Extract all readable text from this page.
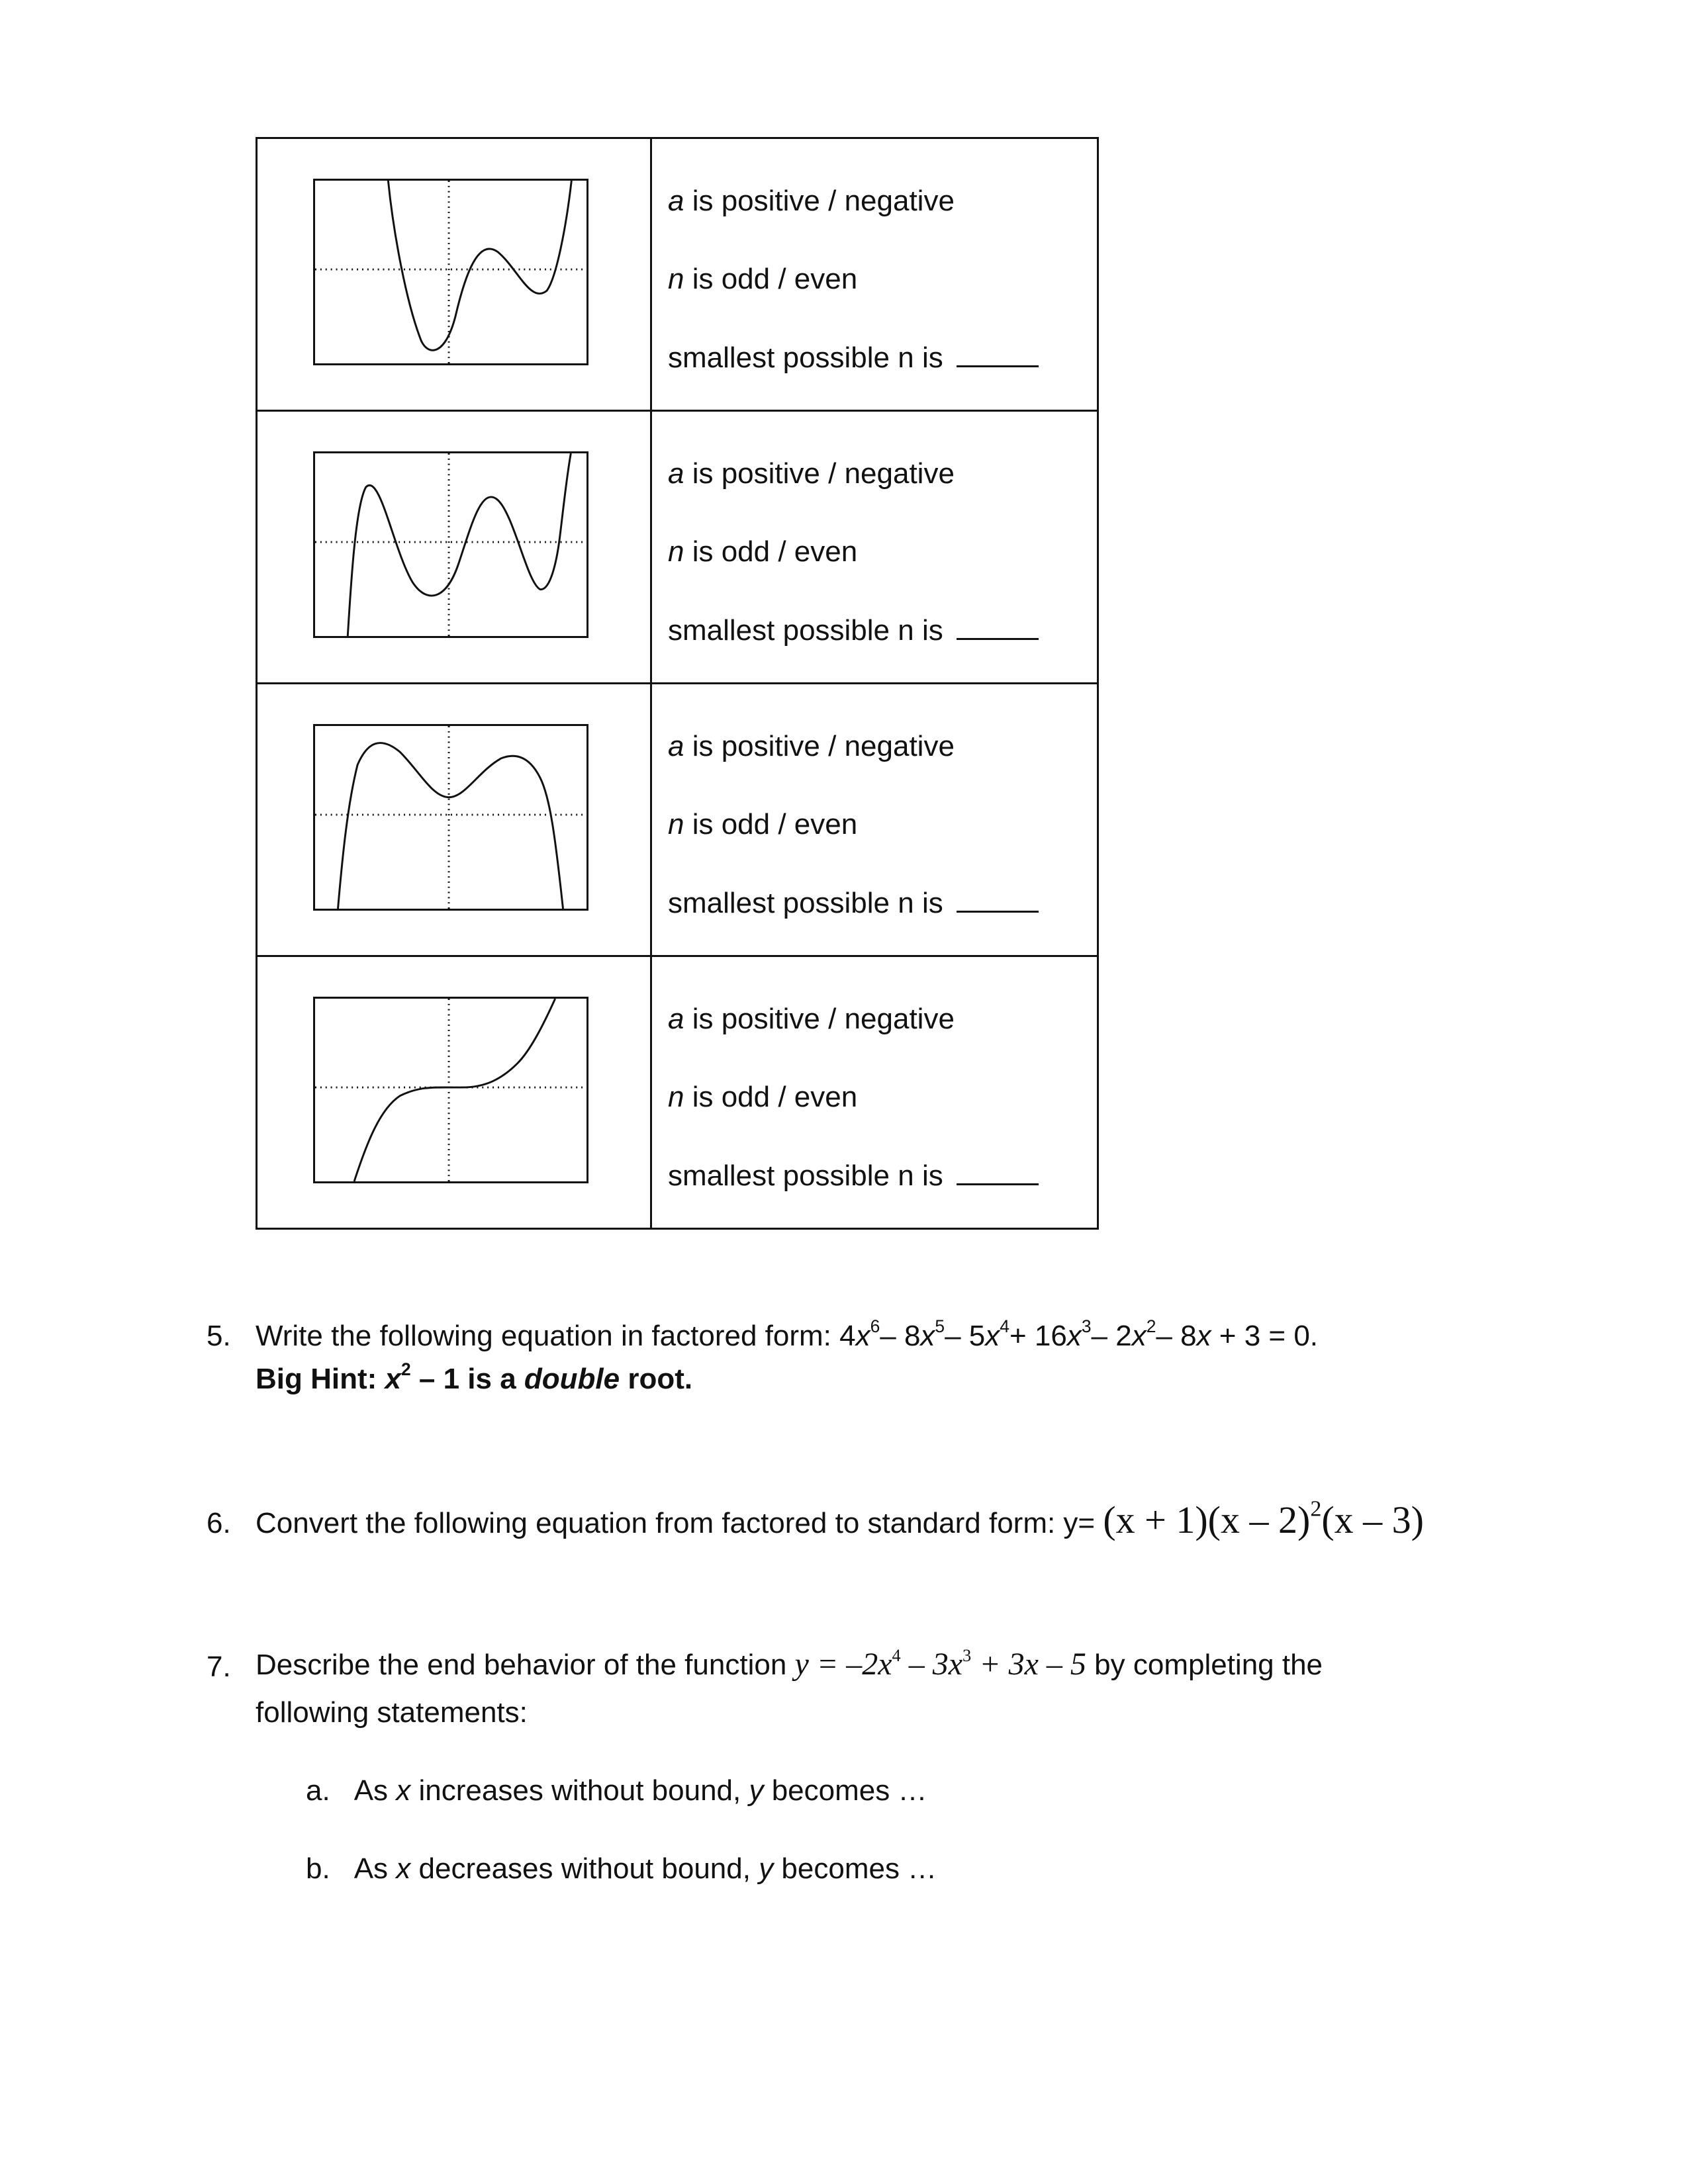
a is positive / negative
n is odd / even
smallest possible n is

a is positive / negative
n is odd / even
smallest possible n is

a is positive / negative
n is odd / even
smallest possible n is

a is positive / negative
n is odd / even
smallest possible n is
5. Write the following equation in factored form: $4x^6-$ $8x^5-$ $5x^4+ 16x^3-$ $2x^2-$ 8x + 3 = 0.
Big Hint: $x^2 - 1$ is a double root.
6. Convert the following equation from factored to standard form: y= (x + 1)(x – 2)$^2$(x – 3)
7. Describe the end behavior of the function $y = -2x^4 - 3x^3 + 3x - 5$ by completing the
following statements:
a. As x increases without bound, y becomes …
b. As x decreases without bound, y becomes …
